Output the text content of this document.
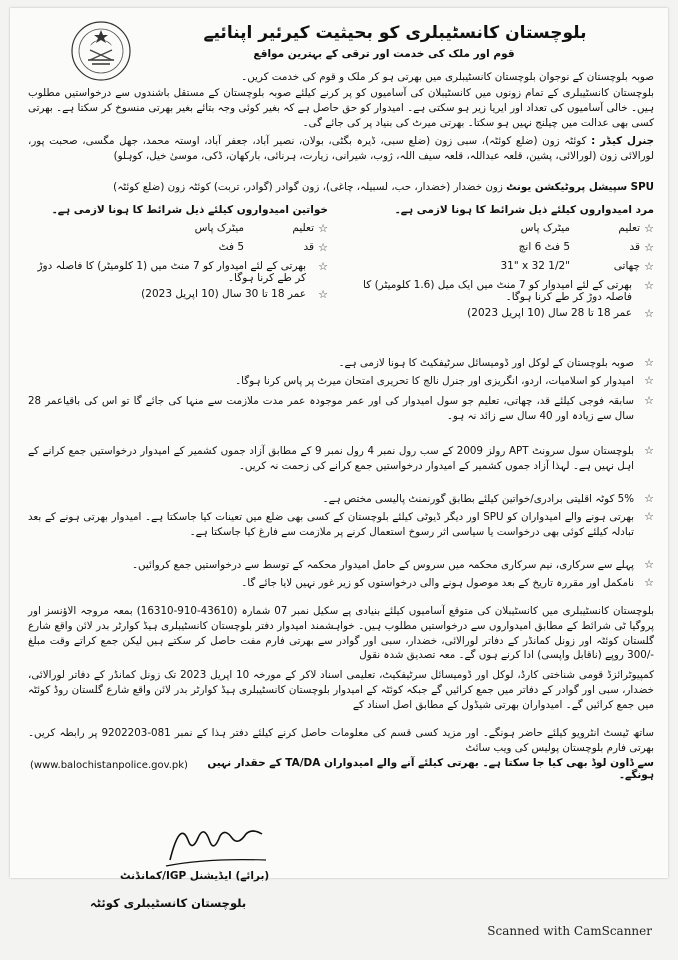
بلوچستان کانسٹیبلری کو بحیثیت کیرئیر اپنائیے
قوم اور ملک کی خدمت اور ترقی کے بہترین مواقع
صوبہ بلوچستان کے نوجوان بلوچستان کانسٹیبلری میں بھرتی ہو کر ملک و قوم کی خدمت کریں۔
بلوچستان کانسٹیبلری کے تمام زونوں میں کانسٹیبلان کی آسامیوں کو پر کرنے کیلئے صوبہ بلوچستان کے مستقل باشندوں سے درخواستیں مطلوب ہیں۔ خالی آسامیوں کی تعداد اور ایریا زیر ہو سکتی ہے۔ امیدوار کو حق حاصل ہے کہ بغیر کوئی وجہ بتائے بغیر بھرتی منسوخ کر سکتا ہے۔ بھرتی کسی بھی عدالت میں چیلنج نہیں ہو سکتا۔ بھرتی میرٹ کی بنیاد پر کی جائے گی۔
جنرل کیڈر : کوئٹہ زون (ضلع کوئٹہ)، سبی زون (ضلع سبی، ڈیرہ بگٹی، بولان، نصیر آباد، جعفر آباد، اوستہ محمد، جھل مگسی، صحبت پور، لورالائی زون (لورالائی، پشین، قلعہ عبداللہ، قلعہ سیف اللہ، ژوب، شیرانی، زیارت، ہرنائی، بارکھان، ڈکی، موسیٰ خیل، کوہلو)
SPU سپیشل پروٹیکشن یونٹ زون خضدار (خضدار، حب، لسبیلہ، چاغی)، زون گوادر (گوادر، تربت) کوئٹہ زون (ضلع کوئٹہ)
مرد امیدواروں کیلئے ذیل شرائط کا ہونا لازمی ہے۔
☆
تعلیم
میٹرک پاس
☆
قد
5 فٹ 6 انچ
☆
چھاتی
31" x 32 1/2"
☆
بھرتی کے لئے امیدوار کو 7 منٹ میں ایک میل (1.6 کلومیٹر) کا فاصلہ دوڑ کر طے کرنا ہوگا۔
☆
عمر 18 تا 28 سال (10 اپریل 2023)
خواتین امیدواروں کیلئے ذیل شرائط کا ہونا لازمی ہے۔
☆
تعلیم
میٹرک پاس
☆
قد
5 فٹ
☆
بھرتی کے لئے امیدوار کو 7 منٹ میں (1 کلومیٹر) کا فاصلہ دوڑ کر طے کرنا ہوگا۔
☆
عمر 18 تا 30 سال (10 اپریل 2023)
☆
صوبہ بلوچستان کے لوکل اور ڈومیسائل سرٹیفکیٹ کا ہونا لازمی ہے۔
☆
امیدوار کو اسلامیات، اردو، انگریزی اور جنرل نالج کا تحریری امتحان میرٹ پر پاس کرنا ہوگا۔
☆
سابقہ فوجی کیلئے قد، چھاتی، تعلیم جو سول امیدوار کی اور عمر موجودہ عمر مدت ملازمت سے منہا کی جائے گا تو اس کی باقیاعمر 28 سال سے زیادہ اور 40 سال سے زائد نہ ہو۔
☆
بلوچستان سول سرونٹ APT رولز 2009 کے سب رول نمبر 4 رول نمبر 9 کے مطابق آزاد جموں کشمیر کے امیدوار درخواستیں جمع کرانے کے اہل نہیں ہے۔ لہذا آزاد جموں کشمیر کے امیدوار درخواستیں جمع کرانے کی زحمت نہ کریں۔
☆
5% کوٹہ اقلیتی برادری/خواتین کیلئے بطابق گورنمنٹ پالیسی مختص ہے۔
☆
بھرتی ہونے والے امیدواران کو SPU اور دیگر ڈیوٹی کیلئے بلوچستان کے کسی بھی ضلع میں تعینات کیا جاسکتا ہے۔ امیدوار بھرتی ہونے کے بعد تبادلہ کیلئے کوئی بھی درخواست یا سیاسی اثر رسوخ استعمال کرنے پر ملازمت سے فارغ کیا جاسکتا ہے۔
☆
پہلے سے سرکاری، نیم سرکاری محکمہ میں سروس کے حامل امیدوار محکمہ کے توسط سے درخواستیں جمع کروائیں۔
☆
نامکمل اور مقررہ تاریخ کے بعد موصول ہونے والی درخواستوں کو زیر غور نہیں لایا جائے گا۔
بلوچستان کانسٹیبلری میں کانسٹیبلان کی متوقع آسامیوں کیلئے بنیادی پے سکیل نمبر 07 شمارہ (43610-910-16310) بمعہ مروجہ الاؤنسز اور پروگیا ٹی شرائط کے مطابق امیدواروں سے درخواستیں مطلوب ہیں۔ خواہشمند امیدوار دفتر بلوچستان کانسٹیبلری ہیڈ کوارٹر بدر لائن واقع شارع گلستان کوئٹہ اور زونل کمانڈر کے دفاتر لورالائی، خضدار، سبی اور گوادر سے بھرتی فارم مفت حاصل کر سکتے ہیں لیکن جمع کراتے وقت مبلغ -/300 روپے (ناقابل واپسی) ادا کرنے ہوں گے۔ معہ تصدیق شدہ نقول
کمپیوٹرائزڈ قومی شناختی کارڈ، لوکل اور ڈومیسائل سرٹیفکیٹ، تعلیمی اسناد لاکر کے مورخہ 10 اپریل 2023 تک زونل کمانڈر کے دفاتر لورالائی، خضدار، سبی اور گوادر کے دفاتر میں جمع کرائیں گے جبکہ کوئٹہ کے امیدوار بلوچستان کانسٹیبلری ہیڈ کوارٹر بدر لائن واقع شارع گلستان روڈ کوئٹہ میں جمع کرائیں گے۔ امیدواران بھرتی شیڈول کے مطابق اصل اسناد کے
ساتھ ٹیسٹ انٹرویو کیلئے حاضر ہونگے۔ اور مزید کسی قسم کی معلومات حاصل کرنے کیلئے دفتر ہذا کے نمبر 081-9202203 پر رابطہ کریں۔ بھرتی فارم بلوچستان پولیس کی ویب سائٹ
(www.balochistanpolice.gov.pk)	سے ڈاون لوڈ بھی کیا جا سکتا ہے۔ بھرتی کیلئے آنے والے امیدواران TA/DA کے حقدار نہیں ہونگے۔
(برائے) ایڈیشنل IGP/کمانڈنٹ
بلوچستان کانسٹیبلری کوئٹہ
Scanned with CamScanner
